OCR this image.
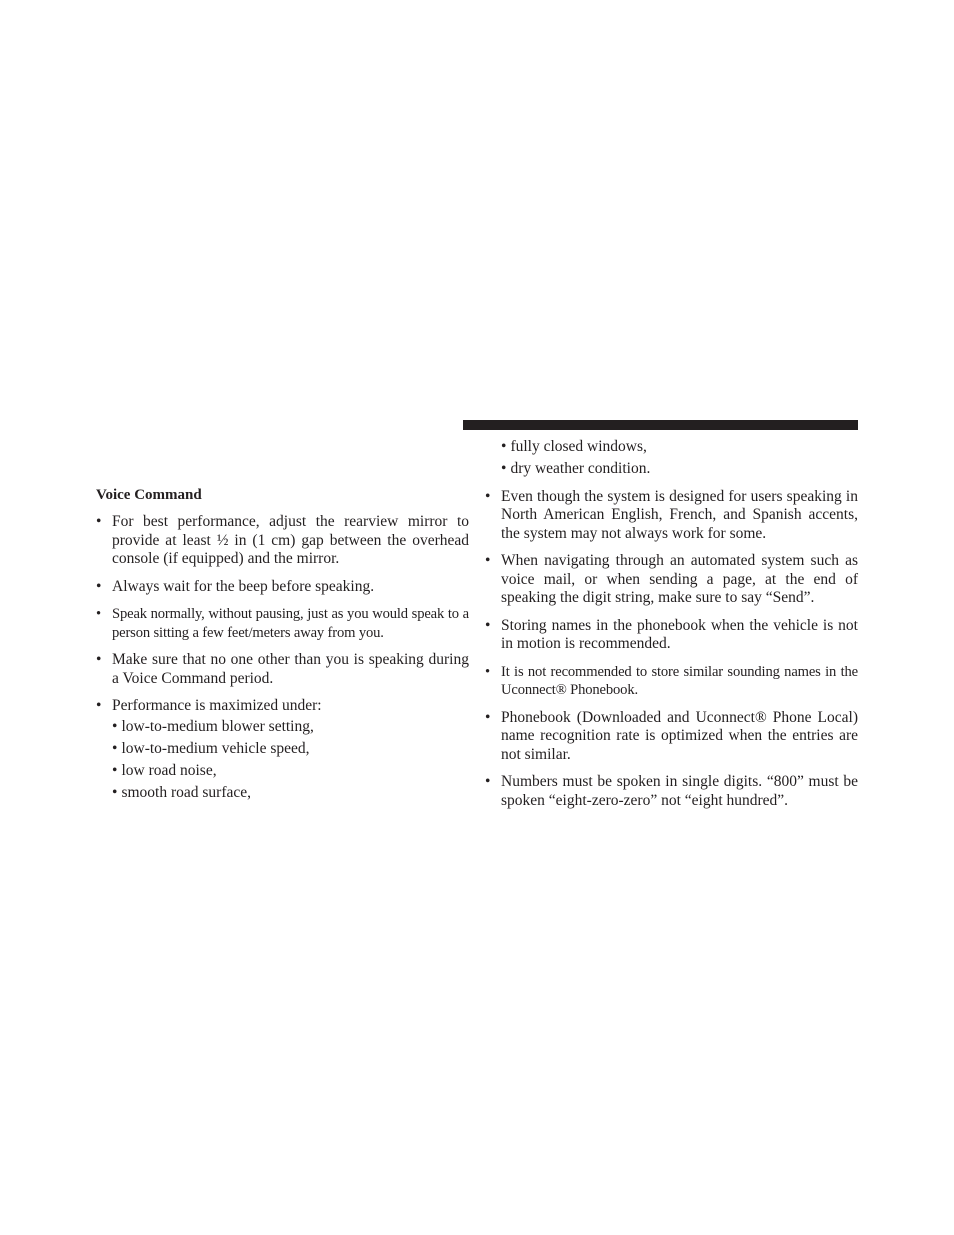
Voice Command
• For best performance, adjust the rearview mirror to provide at least ½ in (1 cm) gap between the overhead console (if equipped) and the mirror.
• Always wait for the beep before speaking.
• Speak normally, without pausing, just as you would speak to a person sitting a few feet/meters away from you.
• Make sure that no one other than you is speaking during a Voice Command period.
• Performance is maximized under:
• low-to-medium blower setting,
• low-to-medium vehicle speed,
• low road noise,
• smooth road surface,
• fully closed windows,
• dry weather condition.
• Even though the system is designed for users speaking in North American English, French, and Spanish accents, the system may not always work for some.
• When navigating through an automated system such as voice mail, or when sending a page, at the end of speaking the digit string, make sure to say “Send”.
• Storing names in the phonebook when the vehicle is not in motion is recommended.
• It is not recommended to store similar sounding names in the Uconnect® Phonebook.
• Phonebook (Downloaded and Uconnect® Phone Local) name recognition rate is optimized when the entries are not similar.
• Numbers must be spoken in single digits. “800” must be spoken “eight-zero-zero” not “eight hundred”.
